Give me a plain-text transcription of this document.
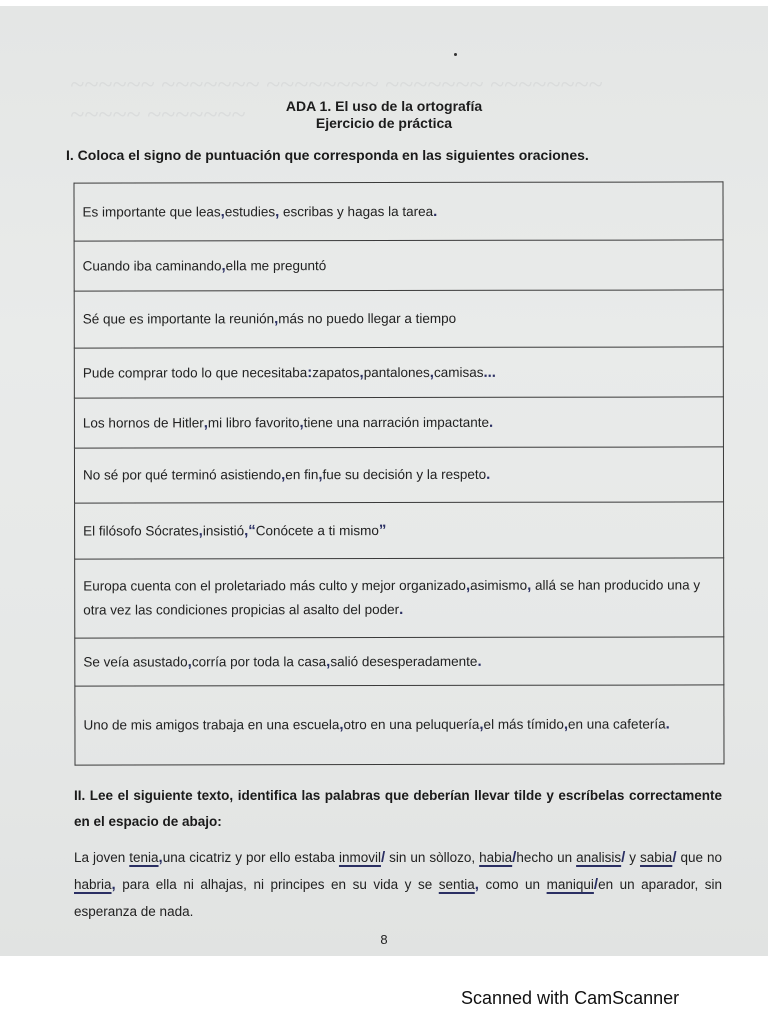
~~~~~~ ~~~~~~~ ~~~~~~~~ ~~~~~~~ ~~~~~~~~
~~~~~ ~~~~~~~	ADA 1. El uso de la ortografía
Ejercicio de práctica
I. Coloca el signo de puntuación que corresponda en las siguientes oraciones.
Es importante que leas,estudies, escribas y hagas la tarea.
Cuando iba caminando,ella me preguntó
Sé que es importante la reunión,más no puedo llegar a tiempo
Pude comprar todo lo que necesitaba:zapatos,pantalones,camisas...
Los hornos de Hitler,mi libro favorito,tiene una narración impactante.
No sé por qué terminó asistiendo,en fin,fue su decisión y la respeto.
El filósofo Sócrates,insistió,“Conócete a ti mismo”
Europa cuenta con el proletariado más culto y mejor organizado,asimismo, allá se han producido una y otra vez las condiciones propicias al asalto del poder.
Se veía asustado,corría por toda la casa,salió desesperadamente.
Uno de mis amigos trabaja en una escuela,otro en una peluquería,el más tímido,en una cafetería.
II. Lee el siguiente texto, identifica las palabras que deberían llevar tilde y escríbelas correctamente en el espacio de abajo:
La joven tenia,una cicatriz y por ello estaba inmovil/ sin un sòllozo, habia/hecho un analisis/ y sabia/ que no habria, para ella ni alhajas, ni principes en su vida y se sentia, como un maniqui/en un aparador, sin esperanza de nada.
8
Scanned with CamScanner
